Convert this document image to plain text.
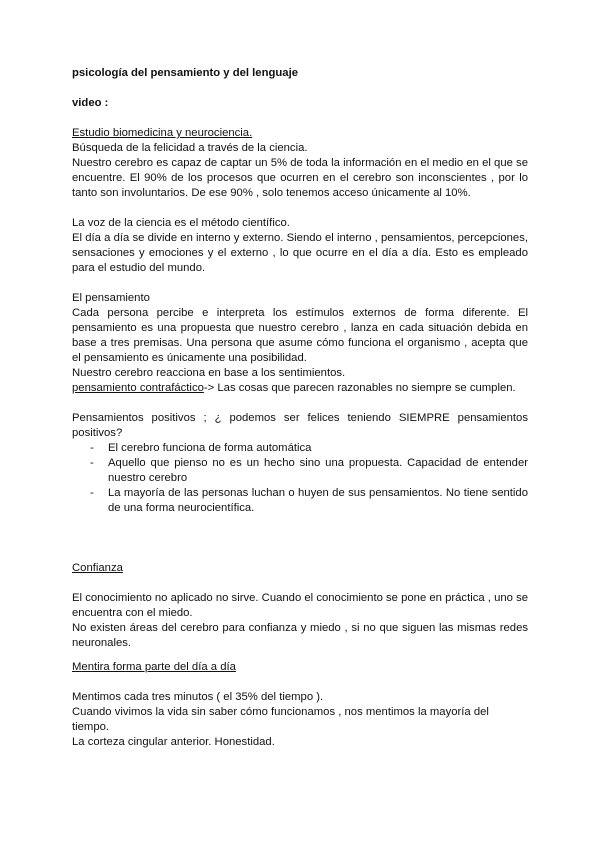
psicología del pensamiento y del lenguaje

video :

Estudio biomedicina y neurociencia.

Búsqueda de la felicidad a través de la ciencia.

Nuestro cerebro es capaz de captar un 5% de toda la información en el medio en el que se encuentre. El 90% de los procesos que ocurren en el cerebro son inconscientes , por lo tanto son involuntarios. De ese 90% , solo tenemos acceso únicamente al 10%.

La voz de la ciencia es el método científico.

El día a día se divide en interno y externo. Siendo el interno , pensamientos, percepciones, sensaciones y emociones y el externo , lo que ocurre en el día a día. Esto es empleado para el estudio del mundo.

El pensamiento

Cada persona percibe e interpreta los estímulos externos de forma diferente. El pensamiento es una propuesta que nuestro cerebro , lanza en cada situación debida en base a tres premisas. Una persona que asume cómo funciona el organismo , acepta que el pensamiento es únicamente una posibilidad.

Nuestro cerebro reacciona en base a los sentimientos.

pensamiento contrafáctico-> Las cosas que parecen razonables no siempre se cumplen.

Pensamientos positivos ; ¿ podemos ser felices teniendo SIEMPRE pensamientos positivos?

- El cerebro funciona de forma automática
- Aquello que pienso no es un hecho sino una propuesta. Capacidad de entender nuestro cerebro
- La mayoría de las personas luchan o huyen de sus pensamientos. No tiene sentido de una forma neurocientífica.

Confianza

El conocimiento no aplicado no sirve. Cuando el conocimiento se pone en práctica , uno se encuentra con el miedo.

No existen áreas del cerebro para confianza y miedo , si no que siguen las mismas redes neuronales.

Mentira forma parte del día a día

Mentimos cada tres minutos ( el 35% del tiempo ).

Cuando vivimos la vida sin saber cómo funcionamos , nos mentimos la mayoría del tiempo.

La corteza cingular anterior. Honestidad.
